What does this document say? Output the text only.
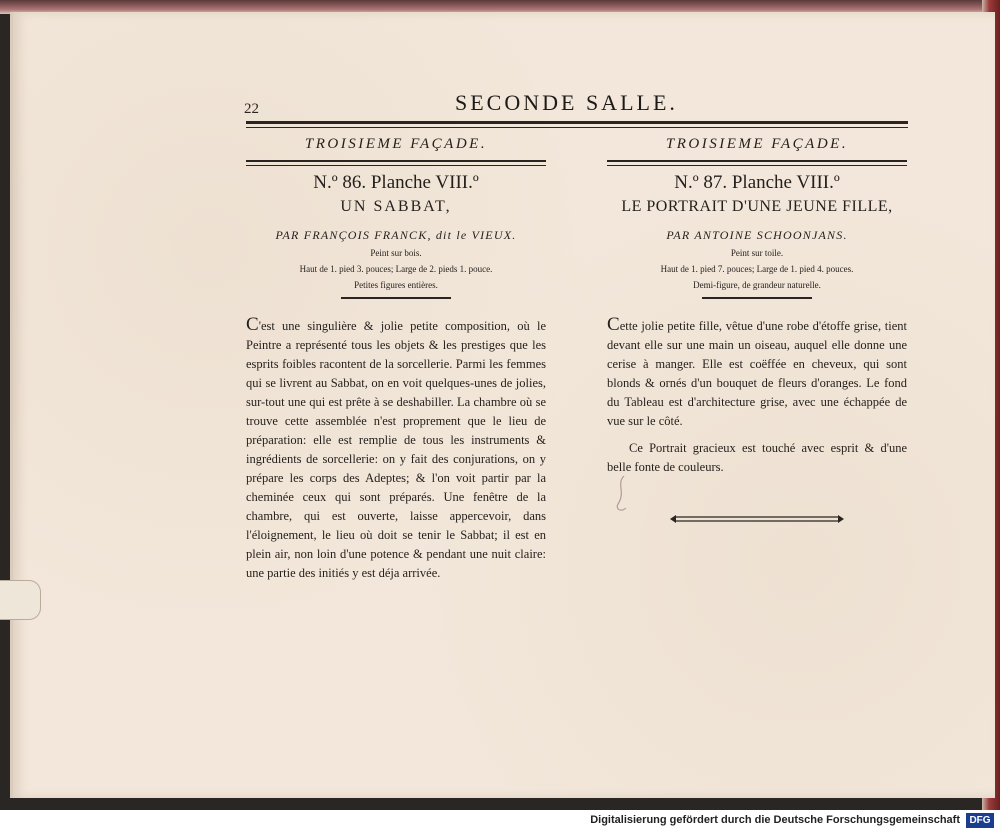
22	SECONDE SALLE.
TROISIEME FAÇADE.
N.º 86. Planche VIII.º
UN SABBAT,
PAR FRANÇOIS FRANCK, dit le VIEUX.
Peint sur bois.
Haut de 1. pied 3. pouces; Large de 2. pieds 1. pouce.
Petites figures entières.

C'est une singulière & jolie petite composition, où le Peintre a représenté tous les objets & les prestiges que les esprits foibles racontent de la sorcellerie. Parmi les femmes qui se livrent au Sabbat, on en voit quelques-unes de jolies, sur-tout une qui est prête à se deshabiller. La chambre où se trouve cette assemblée n'est proprement que le lieu de préparation: elle est remplie de tous les instruments & ingrédients de sorcellerie: on y fait des conjurations, on y prépare les corps des Adeptes; & l'on voit partir par la cheminée ceux qui sont préparés. Une fenêtre de la chambre, qui est ouverte, laisse appercevoir, dans l'éloignement, le lieu où doit se tenir le Sabbat; il est en plein air, non loin d'une potence & pendant une nuit claire: une partie des initiés y est déja arrivée.

TROISIEME FAÇADE.
N.º 87. Planche VIII.º
LE PORTRAIT D'UNE JEUNE FILLE,
PAR ANTOINE SCHOONJANS.
Peint sur toile.
Haut de 1. pied 7. pouces; Large de 1. pied 4. pouces.
Demi-figure, de grandeur naturelle.

Cette jolie petite fille, vêtue d'une robe d'étoffe grise, tient devant elle sur une main un oiseau, auquel elle donne une cerise à manger. Elle est coëffée en cheveux, qui sont blonds & ornés d'un bouquet de fleurs d'oranges. Le fond du Tableau est d'architecture grise, avec une échappée de vue sur le côté.

Ce Portrait gracieux est touché avec esprit & d'une belle fonte de couleurs.

Digitalisierung gefördert durch die Deutsche Forschungsgemeinschaft DFG
